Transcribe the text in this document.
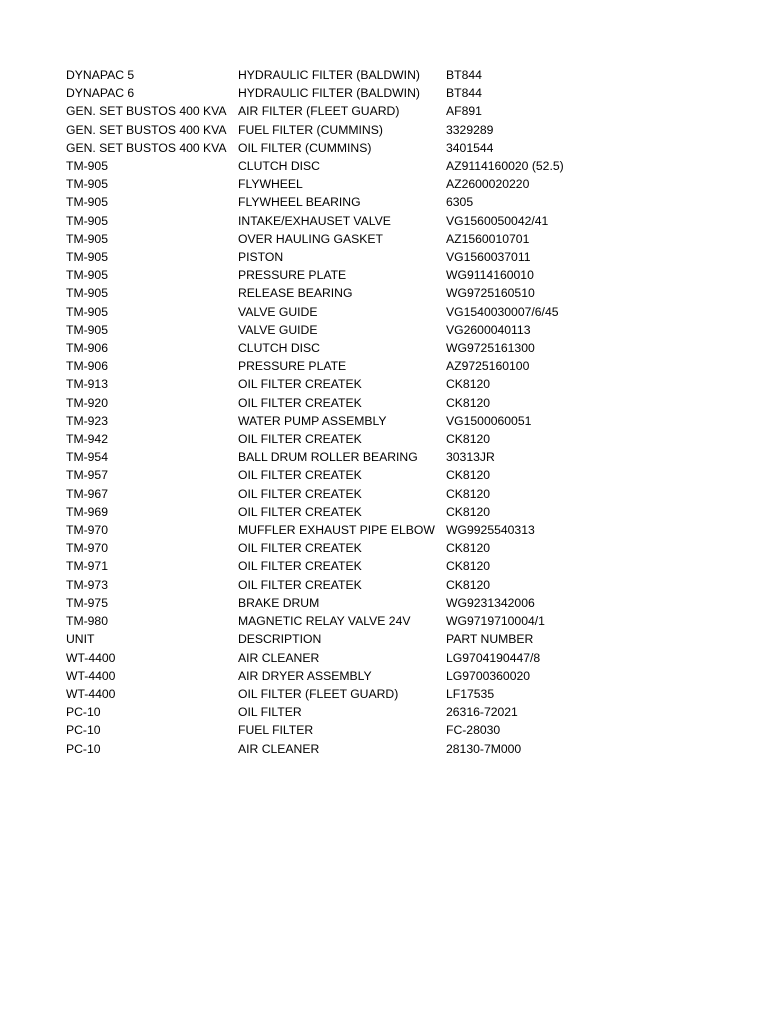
DYNAPAC 5	HYDRAULIC FILTER (BALDWIN)	BT844
DYNAPAC 6	HYDRAULIC FILTER (BALDWIN)	BT844
GEN. SET BUSTOS 400 KVA	AIR FILTER (FLEET GUARD)	AF891
GEN. SET BUSTOS 400 KVA	FUEL FILTER (CUMMINS)	3329289
GEN. SET BUSTOS 400 KVA	OIL FILTER (CUMMINS)	3401544
TM-905	CLUTCH DISC	AZ9114160020 (52.5)
TM-905	FLYWHEEL	AZ2600020220
TM-905	FLYWHEEL BEARING	6305
TM-905	INTAKE/EXHAUSET VALVE	VG1560050042/41
TM-905	OVER HAULING GASKET	AZ1560010701
TM-905	PISTON	VG1560037011
TM-905	PRESSURE PLATE	WG9114160010
TM-905	RELEASE BEARING	WG9725160510
TM-905	VALVE GUIDE	VG1540030007/6/45
TM-905	VALVE GUIDE	VG2600040113
TM-906	CLUTCH DISC	WG9725161300
TM-906	PRESSURE PLATE	AZ9725160100
TM-913	OIL FILTER CREATEK	CK8120
TM-920	OIL FILTER CREATEK	CK8120
TM-923	WATER PUMP ASSEMBLY	VG1500060051
TM-942	OIL FILTER CREATEK	CK8120
TM-954	BALL DRUM ROLLER BEARING	30313JR
TM-957	OIL FILTER CREATEK	CK8120
TM-967	OIL FILTER CREATEK	CK8120
TM-969	OIL FILTER CREATEK	CK8120
TM-970	MUFFLER EXHAUST PIPE ELBOW	WG9925540313
TM-970	OIL FILTER CREATEK	CK8120
TM-971	OIL FILTER CREATEK	CK8120
TM-973	OIL FILTER CREATEK	CK8120
TM-975	BRAKE DRUM	WG9231342006
TM-980	MAGNETIC RELAY VALVE 24V	WG9719710004/1
UNIT	DESCRIPTION	PART NUMBER
WT-4400	AIR CLEANER	LG9704190447/8
WT-4400	AIR DRYER ASSEMBLY	LG9700360020
WT-4400	OIL FILTER (FLEET GUARD)	LF17535
PC-10	OIL FILTER	26316-72021
PC-10	FUEL FILTER	FC-28030
PC-10	AIR CLEANER	28130-7M000
